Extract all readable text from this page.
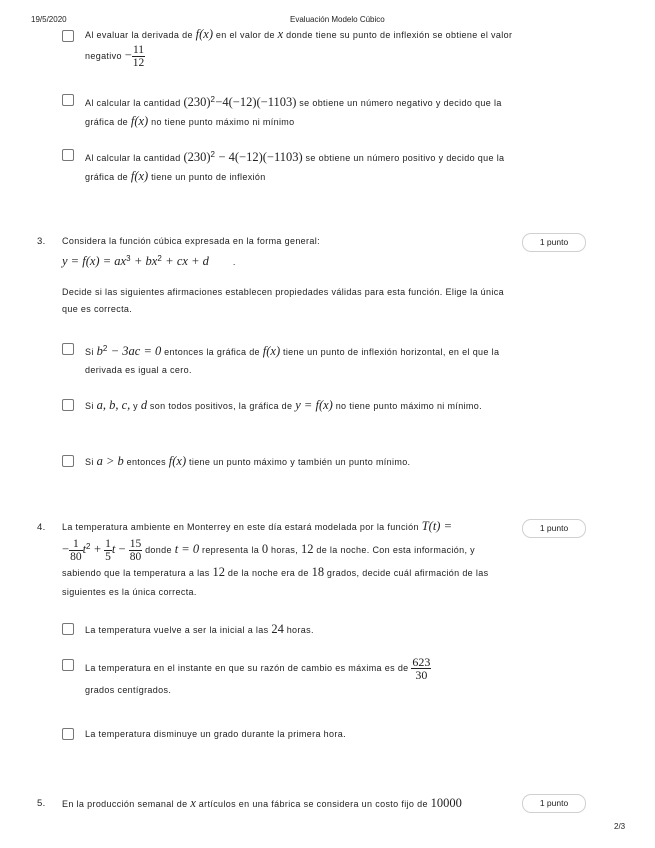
19/5/2020	Evaluación Modelo Cúbico
Al evaluar la derivada de f(x) en el valor de x donde tiene su punto de inflexión se obtiene el valor negativo − $\frac{11}{12}$
Al calcular la cantidad $(230)^2-4(-12)(-1103)$ se obtiene un número negativo y decido que la gráfica de f(x) no tiene punto máximo ni mínimo
Al calcular la cantidad $(230)^2 - 4(-12)(-1103)$ se obtiene un número positivo y decido que la gráfica de f(x) tiene un punto de inflexión
3. Considera la función cúbica expresada en la forma general:
$y = f(x) = ax^3 + bx^2$ + cx + d	.
1 punto
Decide si las siguientes afirmaciones establecen propiedades válidas para esta función. Elige la única que es correcta.
Si $b^2 - 3ac = 0$ entonces la gráfica de f(x) tiene un punto de inflexión horizontal, en el que la derivada es igual a cero.
Si a, b, c, y d son todos positivos, la gráfica de y = f(x) no tiene punto máximo ni mínimo.
Si a > b entonces f(x) tiene un punto máximo y también un punto mínimo.
4. La temperatura ambiente en Monterrey en este día estará modelada por la función T(t) =
− $\frac{1}{80} t^2 + \frac{1}{5}$ $t - \frac{15}{80}$ donde t = 0 representa la 0 horas, 12 de la noche. Con esta información, y sabiendo que la temperatura a las 12 de la noche era de 18 grados, decide cuál afirmación de las siguientes es la única correcta.
1 punto
La temperatura vuelve a ser la inicial a las 24 horas.
La temperatura en el instante en que su razón de cambio es máxima es de $\frac{623}{30}$

grados centígrados.
La temperatura disminuye un grado durante la primera hora.
5. En la producción semanal de x artículos en una fábrica se considera un costo fijo de 10000	1 punto
2/3
